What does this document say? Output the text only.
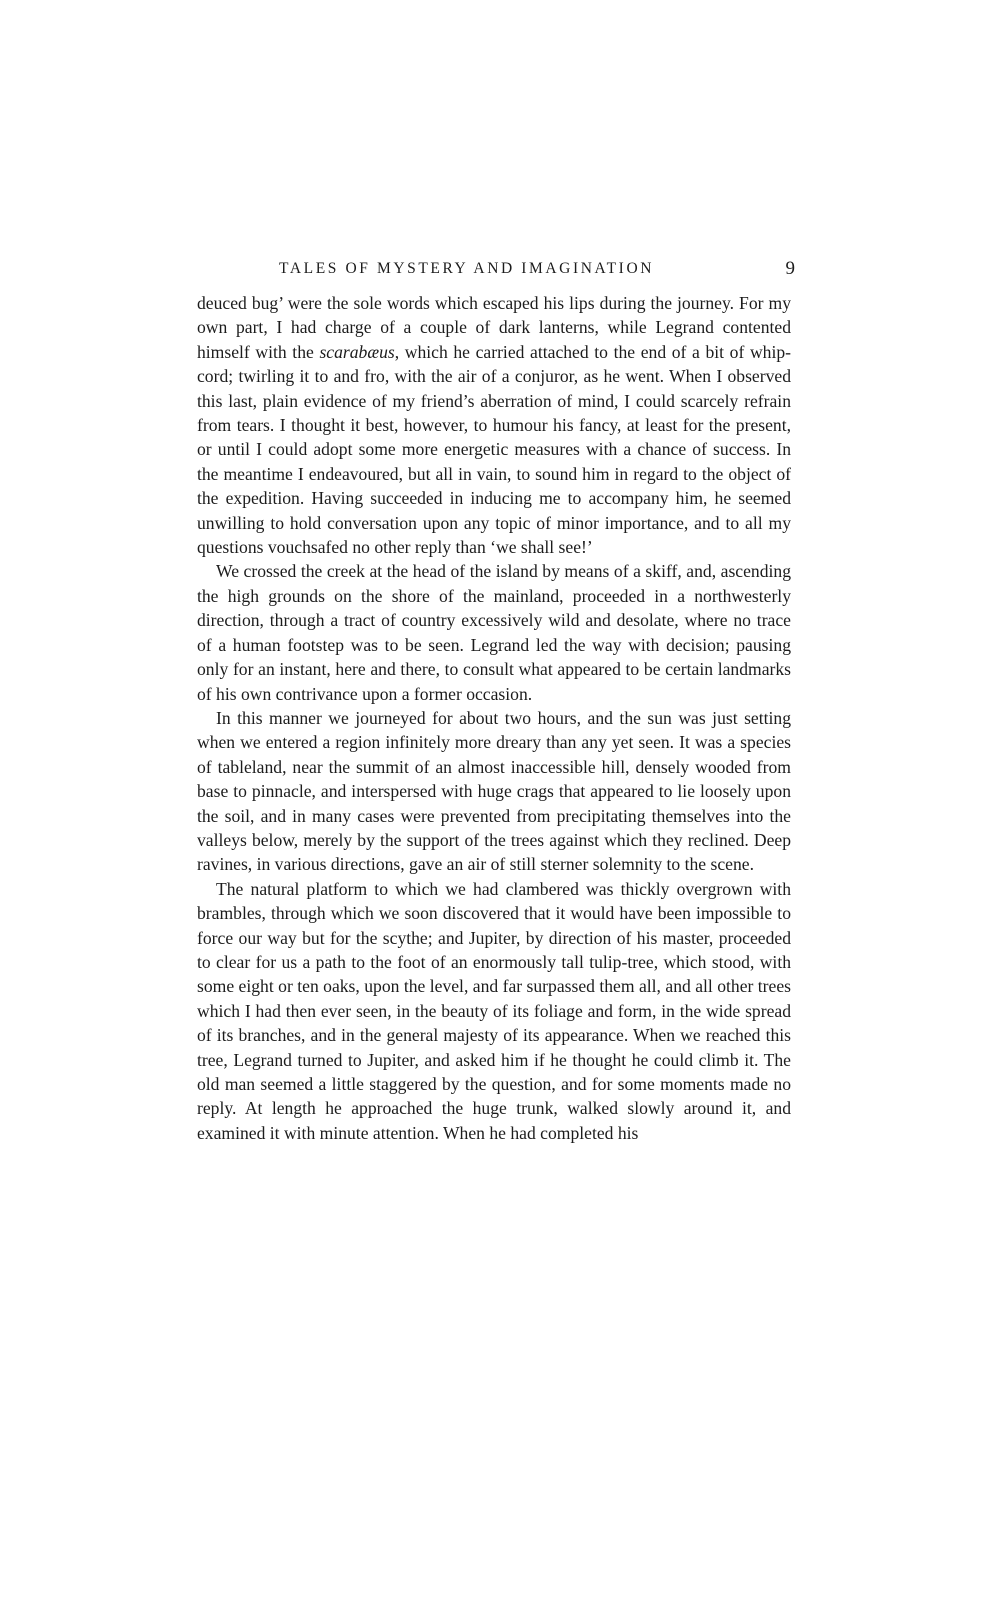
TALES OF MYSTERY AND IMAGINATION	9

deuced bug’ were the sole words which escaped his lips during the journey. For my own part, I had charge of a couple of dark lanterns, while Legrand contented himself with the scarabæus, which he carried attached to the end of a bit of whip-cord; twirling it to and fro, with the air of a conjuror, as he went. When I observed this last, plain evidence of my friend’s aberration of mind, I could scarcely refrain from tears. I thought it best, however, to humour his fancy, at least for the present, or until I could adopt some more energetic measures with a chance of success. In the meantime I endeavoured, but all in vain, to sound him in regard to the object of the expedition. Having succeeded in inducing me to accompany him, he seemed unwilling to hold conversation upon any topic of minor importance, and to all my questions vouchsafed no other reply than ‘we shall see!’

We crossed the creek at the head of the island by means of a skiff, and, ascending the high grounds on the shore of the mainland, proceeded in a northwesterly direction, through a tract of country excessively wild and desolate, where no trace of a human footstep was to be seen. Legrand led the way with decision; pausing only for an instant, here and there, to consult what appeared to be certain landmarks of his own contrivance upon a former occasion.

In this manner we journeyed for about two hours, and the sun was just setting when we entered a region infinitely more dreary than any yet seen. It was a species of tableland, near the summit of an almost inaccessible hill, densely wooded from base to pinnacle, and interspersed with huge crags that appeared to lie loosely upon the soil, and in many cases were prevented from precipitating themselves into the valleys below, merely by the support of the trees against which they reclined. Deep ravines, in various directions, gave an air of still sterner solemnity to the scene.

The natural platform to which we had clambered was thickly overgrown with brambles, through which we soon discovered that it would have been impossible to force our way but for the scythe; and Jupiter, by direction of his master, proceeded to clear for us a path to the foot of an enormously tall tulip-tree, which stood, with some eight or ten oaks, upon the level, and far surpassed them all, and all other trees which I had then ever seen, in the beauty of its foliage and form, in the wide spread of its branches, and in the general majesty of its appearance. When we reached this tree, Legrand turned to Jupiter, and asked him if he thought he could climb it. The old man seemed a little staggered by the question, and for some moments made no reply. At length he approached the huge trunk, walked slowly around it, and examined it with minute attention. When he had completed his
